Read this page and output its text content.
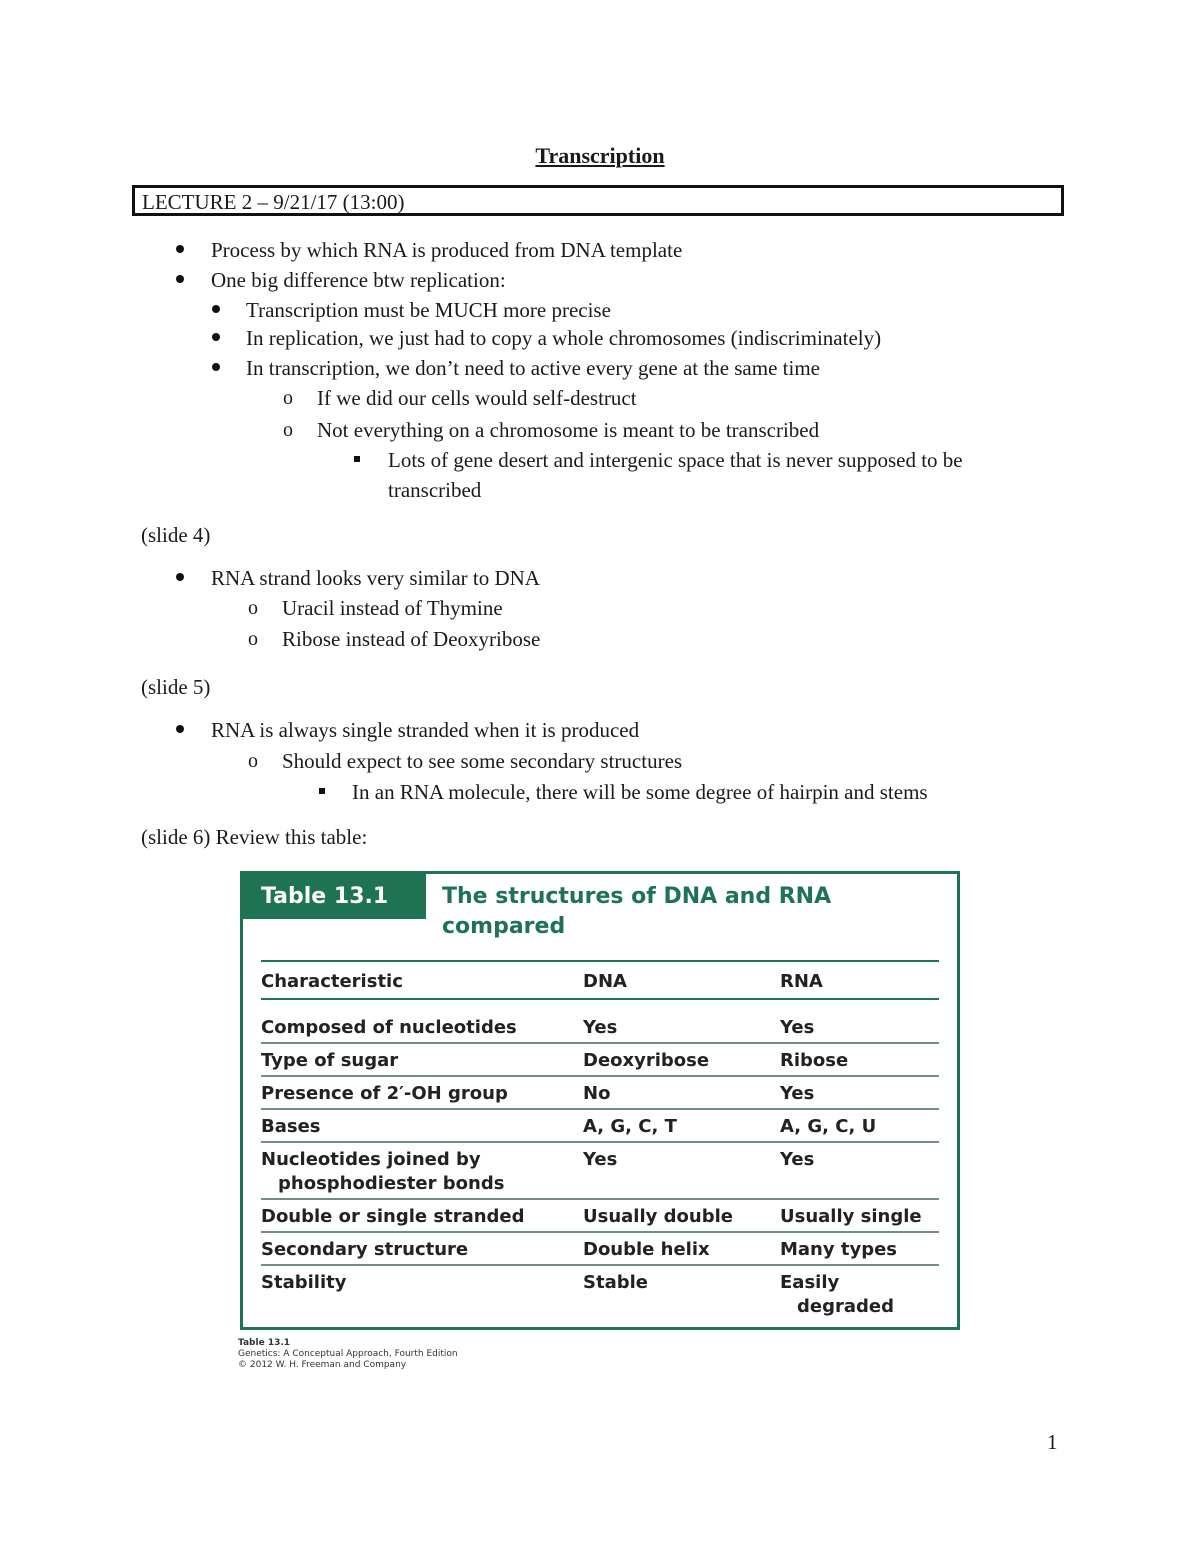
Transcription
LECTURE 2 – 9/21/17 (13:00)
Process by which RNA is produced from DNA template
One big difference btw replication:
Transcription must be MUCH more precise
In replication, we just had to copy a whole chromosomes (indiscriminately)
In transcription, we don’t need to active every gene at the same time
o If we did our cells would self-destruct
o Not everything on a chromosome is meant to be transcribed
Lots of gene desert and intergenic space that is never supposed to be
transcribed
(slide 4)
RNA strand looks very similar to DNA
o Uracil instead of Thymine
o Ribose instead of Deoxyribose
(slide 5)
RNA is always single stranded when it is produced
o Should expect to see some secondary structures
In an RNA molecule, there will be some degree of hairpin and stems
(slide 6) Review this table:
Table 13.1	The structures of DNA and RNA compared
Characteristic	DNA	RNA
Composed of nucleotides	Yes	Yes
Type of sugar	Deoxyribose	Ribose
Presence of 2′-OH group	No	Yes
Bases	A, G, C, T	A, G, C, U
Nucleotides joined by
phosphodiester bonds
Yes	Yes
Double or single stranded	Usually double	Usually single
Secondary structure	Double helix	Many types
Stability	Stable	Easily
degraded
Table 13.1
Genetics: A Conceptual Approach, Fourth Edition
© 2012 W. H. Freeman and Company
1
